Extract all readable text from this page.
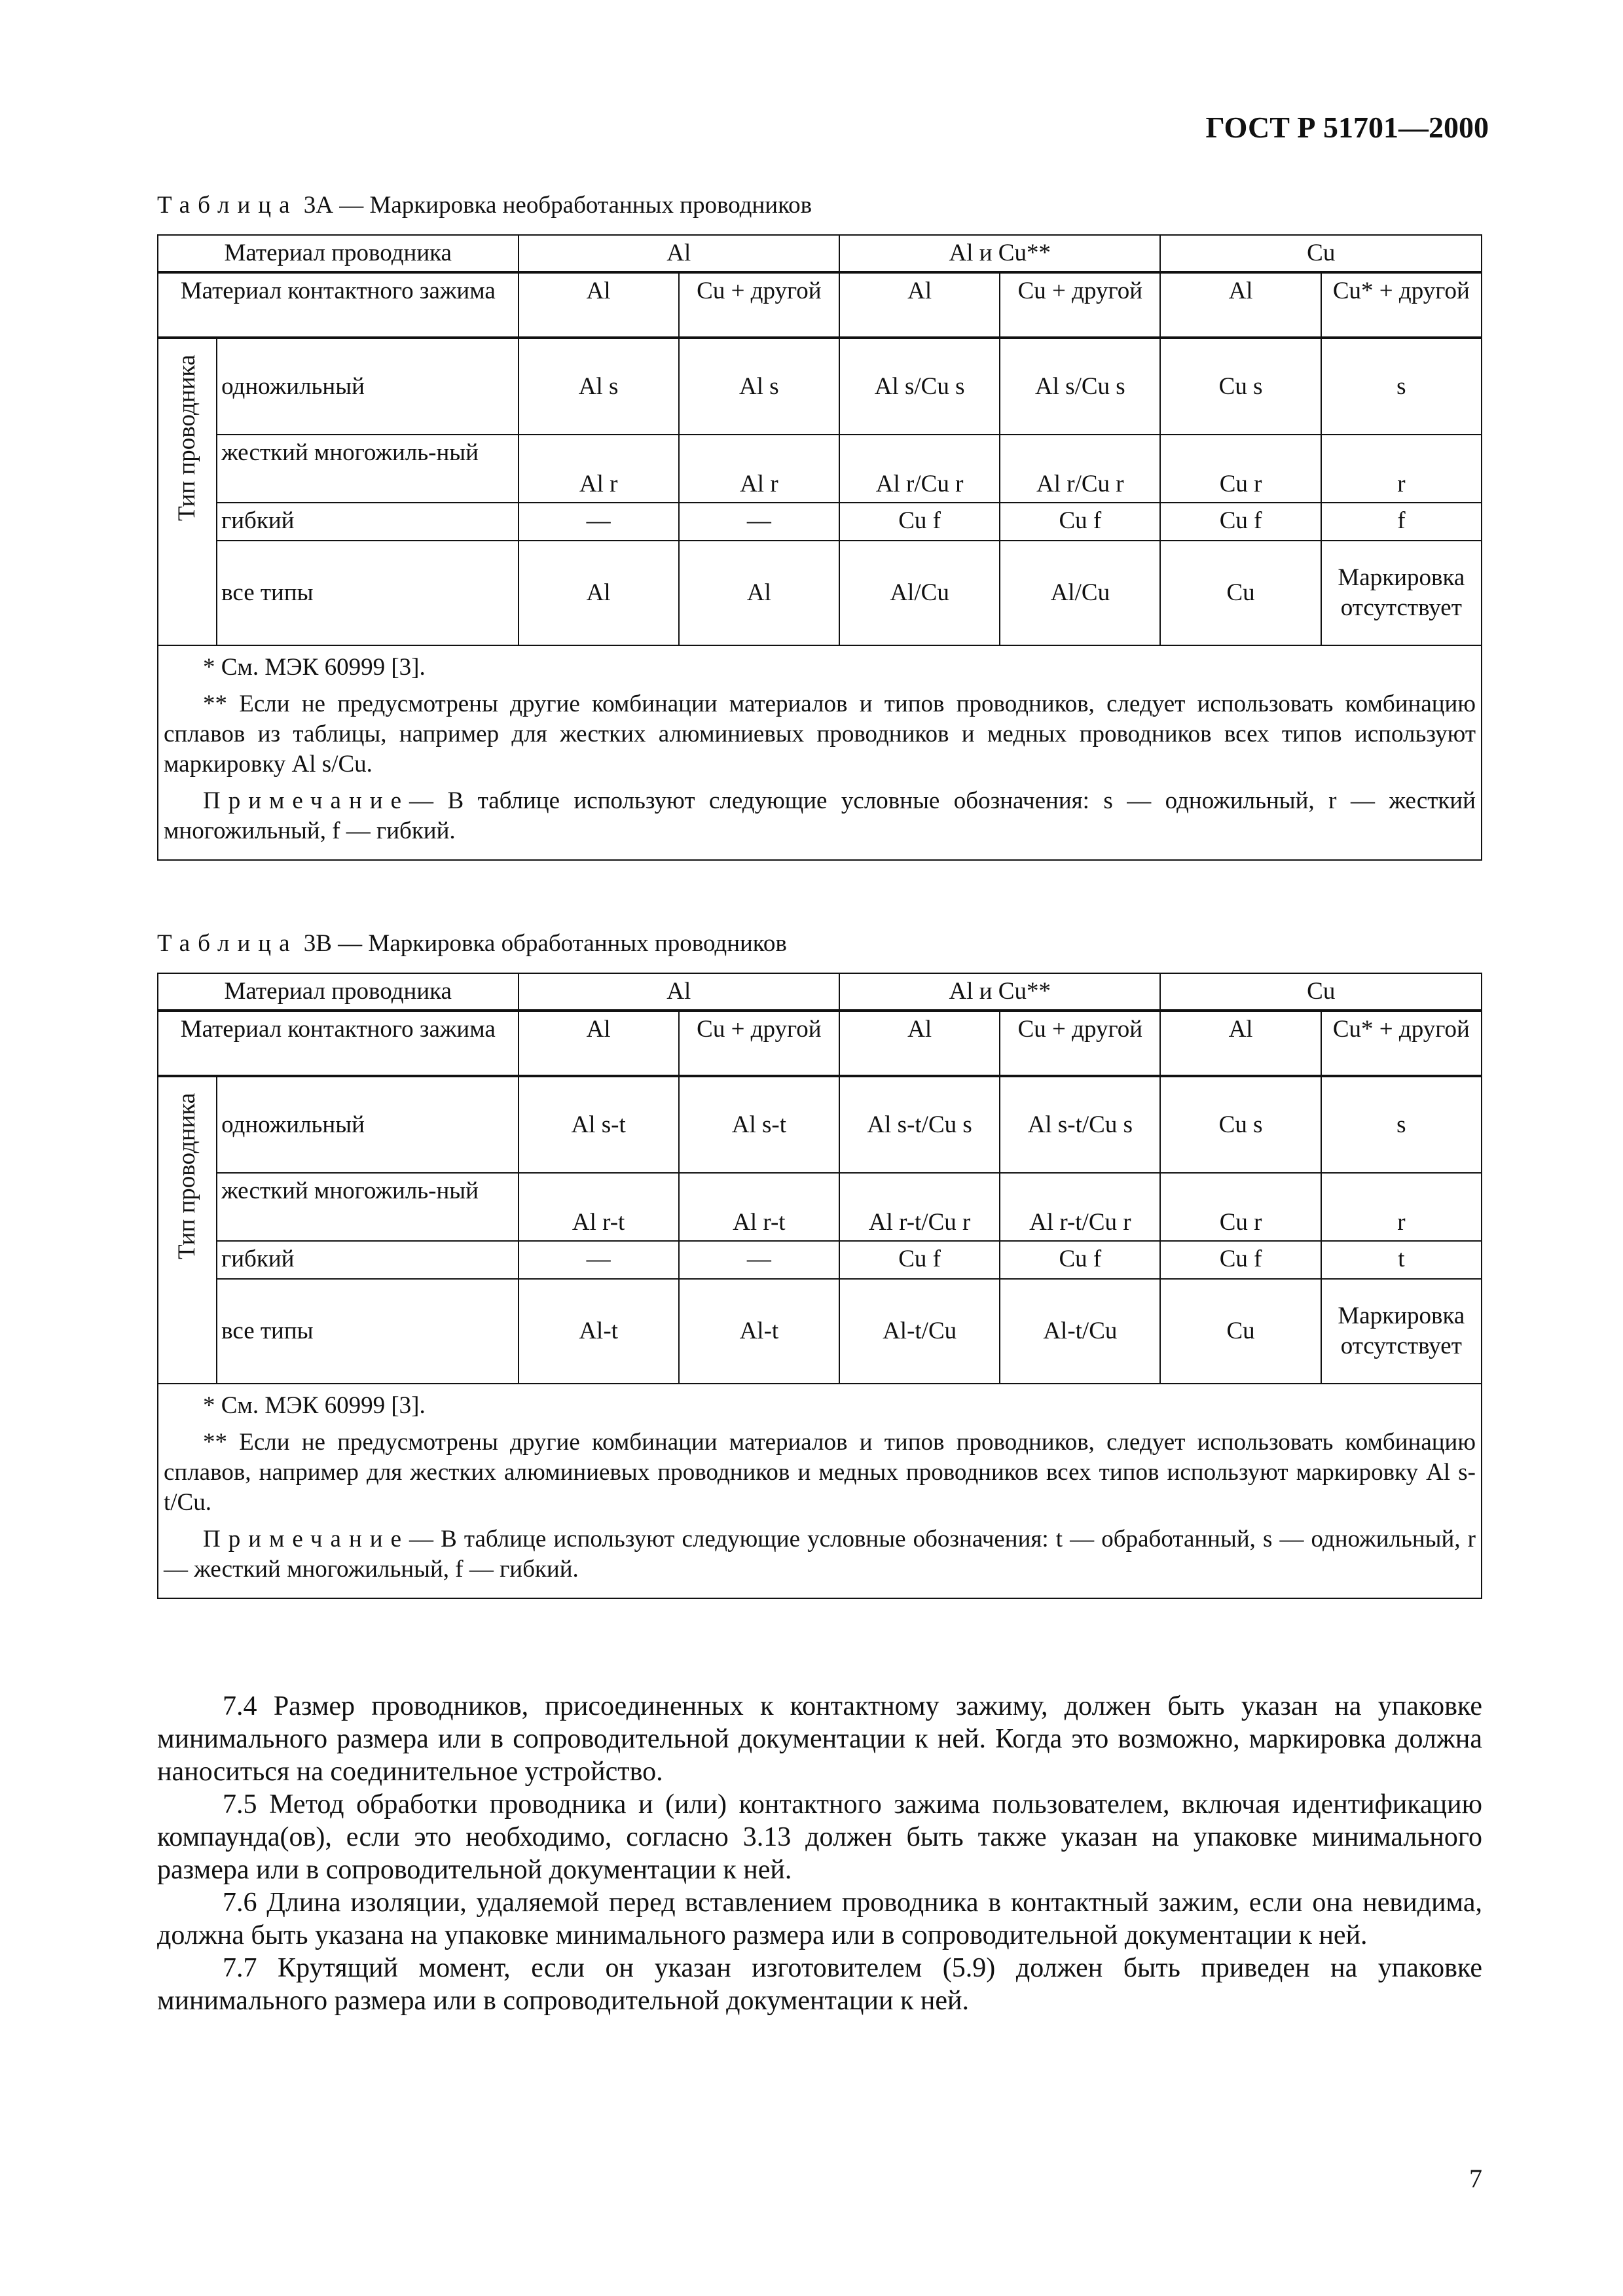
ГОСТ Р 51701—2000
Таблица 3А — Маркировка необработанных проводников
Материал проводника		Al		Al и Cu**		Cu	
Материал контактного зажима		Al	Cu + другой	Al	Cu + другой	Al	Cu* + другой

Тип проводника	одножильный	Al s	Al s	Al s/Cu s	Al s/Cu s	Cu s	s
	жесткий многожиль-ный	Al r	Al r	Al r/Cu r	Al r/Cu r	Cu r	r
	гибкий	—	—	Cu f	Cu f	Cu f	f
	все типы	Al	Al	Al/Cu	Al/Cu	Cu	Маркировка отсутствует

* См. МЭК 60999 [3].
** Если не предусмотрены другие комбинации материалов и типов проводников, следует использовать комбинацию сплавов из таблицы, например для жестких алюминиевых проводников и медных проводников всех типов используют маркировку Al s/Cu.
Примечание— В таблице используют следующие условные обозначения: s — одножильный, r — жесткий многожильный, f — гибкий.							
Таблица 3В — Маркировка обработанных проводников
Материал проводника		Al		Al и Cu**		Cu	
Материал контактного зажима		Al	Cu + другой	Al	Cu + другой	Al	Cu* + другой

Тип проводника	одножильный	Al s-t	Al s-t	Al s-t/Cu s	Al s-t/Cu s	Cu s	s
	жесткий многожиль-ный	Al r-t	Al r-t	Al r-t/Cu r	Al r-t/Cu r	Cu r	r
	гибкий	—	—	Cu f	Cu f	Cu f	t
	все типы	Al-t	Al-t	Al-t/Cu	Al-t/Cu	Cu	Маркировка отсутствует

* См. МЭК 60999 [3].
** Если не предусмотрены другие комбинации материалов и типов проводников, следует использовать комбинацию сплавов, например для жестких алюминиевых проводников и медных проводников всех типов используют маркировку Al s-t/Cu.
Примечание— В таблице используют следующие условные обозначения: t — обработанный, s — одножильный, r — жесткий многожильный, f — гибкий.							

7.4 Размер проводников, присоединенных к контактному зажиму, должен быть указан на упаковке минимального размера или в сопроводительной документации к ней. Когда это возможно, маркировка должна наноситься на соединительное устройство.

7.5 Метод обработки проводника и (или) контактного зажима пользователем, включая идентификацию компаунда(ов), если это необходимо, согласно 3.13 должен быть также указан на упаковке минимального размера или в сопроводительной документации к ней.

7.6 Длина изоляции, удаляемой перед вставлением проводника в контактный зажим, если она невидима, должна быть указана на упаковке минимального размера или в сопроводительной документации к ней.

7.7 Крутящий момент, если он указан изготовителем (5.9) должен быть приведен на упаковке минимального размера или в сопроводительной документации к ней.

7
